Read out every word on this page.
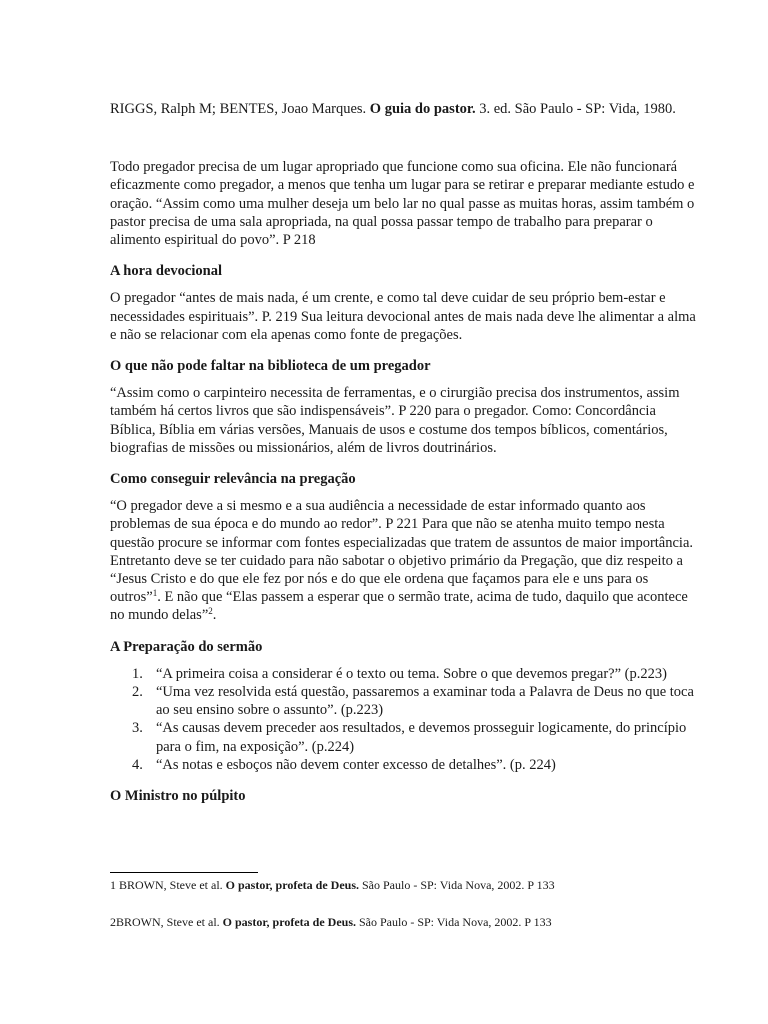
RIGGS, Ralph M; BENTES, Joao Marques. O guia do pastor. 3. ed. São Paulo - SP: Vida, 1980.

Todo pregador precisa de um lugar apropriado que funcione como sua oficina. Ele não funcionará eficazmente como pregador, a menos que tenha um lugar para se retirar e preparar mediante estudo e oração. “Assim como uma mulher deseja um belo lar no qual passe as muitas horas, assim também o pastor precisa de uma sala apropriada, na qual possa passar tempo de trabalho para preparar o alimento espiritual do povo”. P 218

A hora devocional

O pregador “antes de mais nada, é um crente, e como tal deve cuidar de seu próprio bem-estar e necessidades espirituais”. P. 219 Sua leitura devocional antes de mais nada deve lhe alimentar a alma e não se relacionar com ela apenas como fonte de pregações.

O que não pode faltar na biblioteca de um pregador

“Assim como o carpinteiro necessita de ferramentas, e o cirurgião precisa dos instrumentos, assim também há certos livros que são indispensáveis”. P 220 para o pregador. Como: Concordância Bíblica, Bíblia em várias versões, Manuais de usos e costume dos tempos bíblicos, comentários, biografias de missões ou missionários, além de livros doutrinários.

Como conseguir relevância na pregação

“O pregador deve a si mesmo e a sua audiência a necessidade de estar informado quanto aos problemas de sua época e do mundo ao redor”. P 221 Para que não se atenha muito tempo nesta questão procure se informar com fontes especializadas que tratem de assuntos de maior importância. Entretanto deve se ter cuidado para não sabotar o objetivo primário da Pregação, que diz respeito a “Jesus Cristo e do que ele fez por nós e do que ele ordena que façamos para ele e uns para os outros”$^1$. E não que “Elas passem a esperar que o sermão trate, acima de tudo, daquilo que acontece no mundo delas”$^2$.

A Preparação do sermão

1. “A primeira coisa a considerar é o texto ou tema. Sobre o que devemos pregar?” (p.223)
2. “Uma vez resolvida está questão, passaremos a examinar toda a Palavra de Deus no que toca ao seu ensino sobre o assunto”. (p.223)
3. “As causas devem preceder aos resultados, e devemos prosseguir logicamente, do princípio para o fim, na exposição”. (p.224)
4. “As notas e esboços não devem conter excesso de detalhes”. (p. 224)

O Ministro no púlpito

1 BROWN, Steve et al. O pastor, profeta de Deus. São Paulo - SP: Vida Nova, 2002. P 133
2BROWN, Steve et al. O pastor, profeta de Deus. São Paulo - SP: Vida Nova, 2002. P 133
